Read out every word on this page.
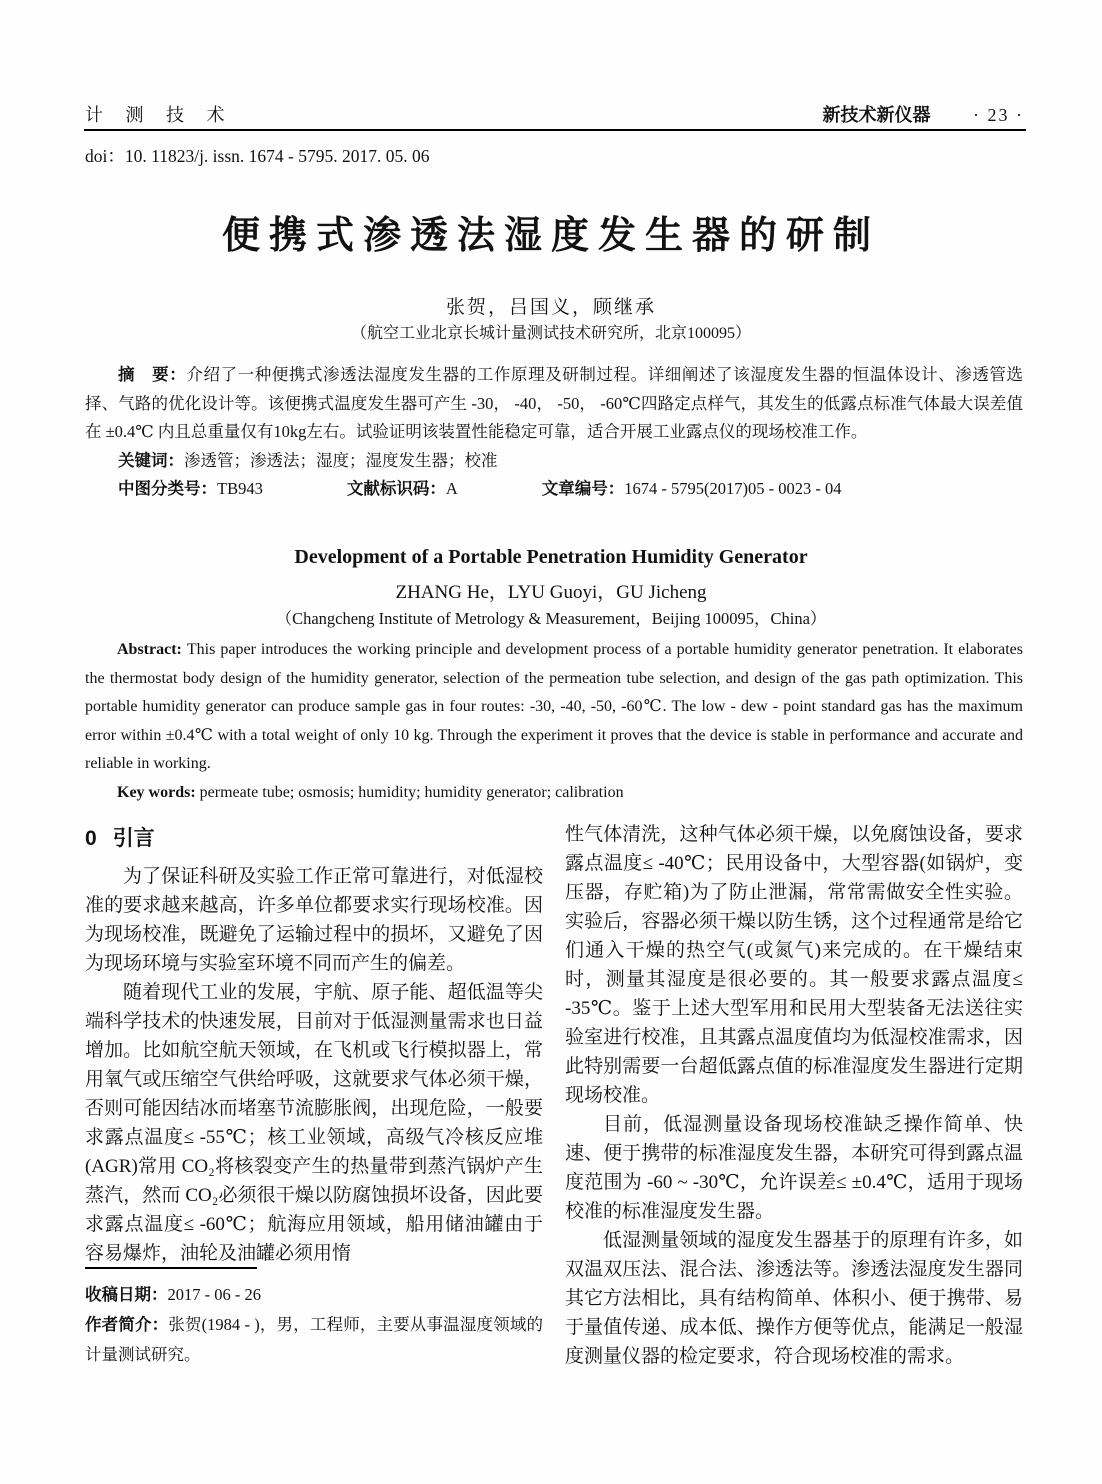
计 测 技 术	新技术新仪器 · 23 ·
doi：10. 11823/j. issn. 1674 - 5795. 2017. 05. 06
便携式渗透法湿度发生器的研制
张贺，吕国义，顾继承
（航空工业北京长城计量测试技术研究所，北京100095）

摘　要：介绍了一种便携式渗透法湿度发生器的工作原理及研制过程。详细阐述了该湿度发生器的恒温体设计、渗透管选择、气路的优化设计等。该便携式温度发生器可产生 -30， -40， -50， -60℃四路定点样气，其发生的低露点标准气体最大误差值在 ±0.4℃ 内且总重量仅有10kg左右。试验证明该装置性能稳定可靠，适合开展工业露点仪的现场校准工作。

关键词：渗透管；渗透法；湿度；湿度发生器；校准

中图分类号：TB943	文献标识码：A	文章编号：1674 - 5795(2017)05 - 0023 - 04

Development of a Portable Penetration Humidity Generator
ZHANG He，LYU Guoyi，GU Jicheng
（Changcheng Institute of Metrology & Measurement，Beijing 100095，China）

Abstract: This paper introduces the working principle and development process of a portable humidity generator penetration. It elaborates the thermostat body design of the humidity generator, selection of the permeation tube selection, and design of the gas path optimization. This portable humidity generator can produce sample gas in four routes: -30, -40, -50, -60℃. The low - dew - point standard gas has the maximum error within ±0.4℃ with a total weight of only 10 kg. Through the experiment it proves that the device is stable in performance and accurate and reliable in working.

Key words: permeate tube; osmosis; humidity; humidity generator; calibration

0 引言

为了保证科研及实验工作正常可靠进行，对低湿校准的要求越来越高，许多单位都要求实行现场校准。因为现场校准，既避免了运输过程中的损坏，又避免了因为现场环境与实验室环境不同而产生的偏差。

随着现代工业的发展，宇航、原子能、超低温等尖端科学技术的快速发展，目前对于低湿测量需求也日益增加。比如航空航天领域，在飞机或飞行模拟器上，常用氧气或压缩空气供给呼吸，这就要求气体必须干燥，否则可能因结冰而堵塞节流膨胀阀，出现危险，一般要求露点温度≤ -55℃；核工业领域，高级气冷核反应堆(AGR)常用 CO₂将核裂变产生的热量带到蒸汽锅炉产生蒸汽，然而 CO₂必须很干燥以防腐蚀损坏设备，因此要求露点温度≤ -60℃；航海应用领域，船用储油罐由于容易爆炸，油轮及油罐必须用惰

性气体清洗，这种气体必须干燥，以免腐蚀设备，要求露点温度≤ -40℃；民用设备中，大型容器(如锅炉，变压器，存贮箱)为了防止泄漏，常常需做安全性实验。实验后，容器必须干燥以防生锈，这个过程通常是给它们通入干燥的热空气(或氮气)来完成的。在干燥结束时，测量其湿度是很必要的。其一般要求露点温度≤ -35℃。鉴于上述大型军用和民用大型装备无法送往实验室进行校准，且其露点温度值均为低湿校准需求，因此特别需要一台超低露点值的标准湿度发生器进行定期现场校准。

目前，低湿测量设备现场校准缺乏操作简单、快速、便于携带的标准湿度发生器，本研究可得到露点温度范围为 -60 ~ -30℃，允许误差≤ ±0.4℃，适用于现场校准的标准湿度发生器。

低湿测量领域的湿度发生器基于的原理有许多，如双温双压法、混合法、渗透法等。渗透法湿度发生器同其它方法相比，具有结构简单、体积小、便于携带、易于量值传递、成本低、操作方便等优点，能满足一般湿度测量仪器的检定要求，符合现场校准的需求。

收稿日期：2017 - 06 - 26

作者简介：张贺(1984 - )，男，工程师，主要从事温湿度领域的计量测试研究。
